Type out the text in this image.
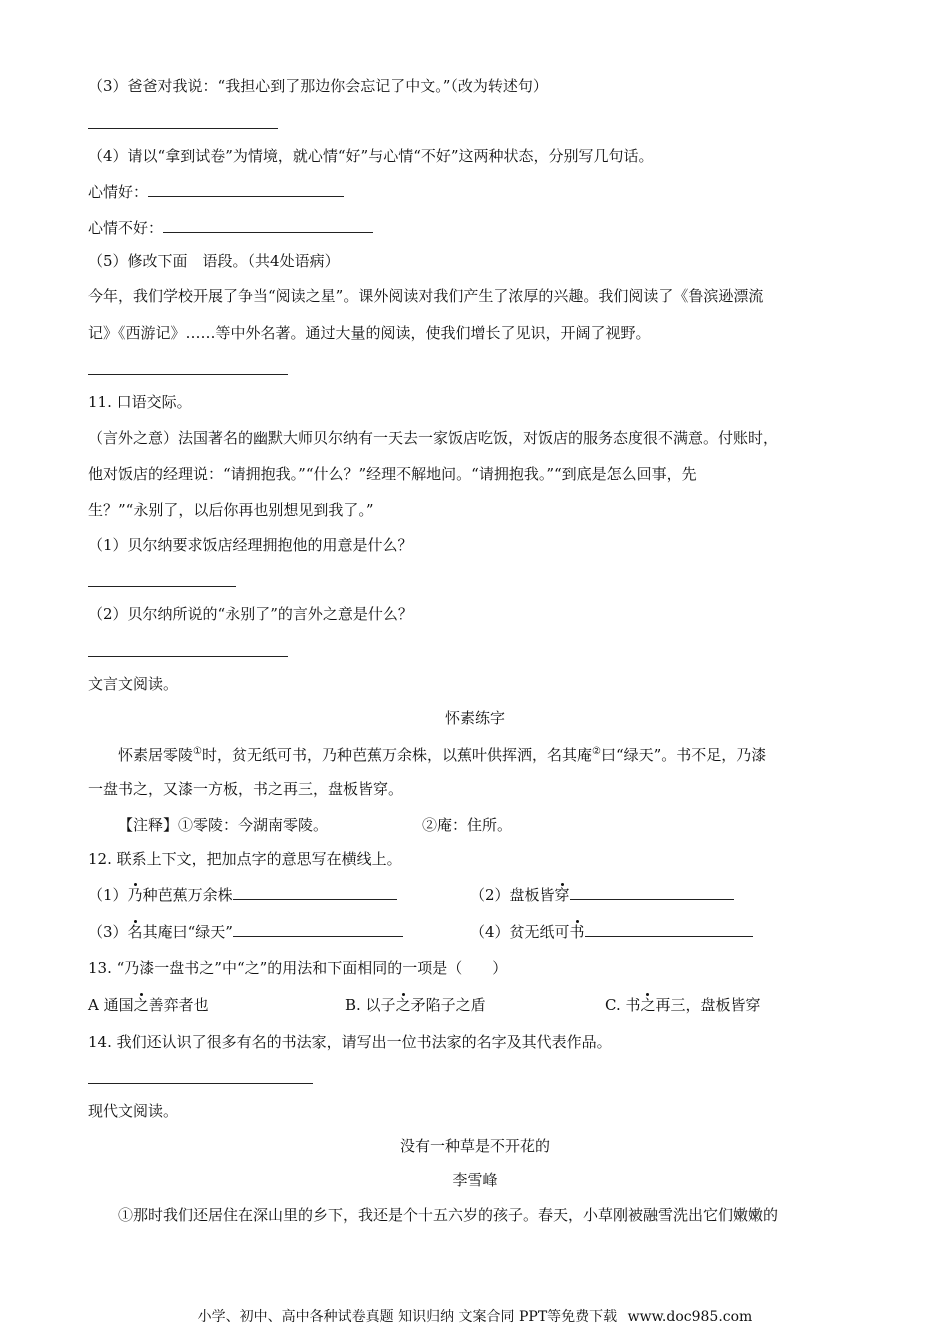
（3）爸爸对我说：“我担心到了那边你会忘记了中文。”（改为转述句）
（4）请以“拿到试卷”为情境，就心情“好”与心情“不好”这两种状态，分别写几句话。
心情好：
心情不好：
（5）修改下面　语段。（共4处语病）
今年，我们学校开展了争当“阅读之星”。课外阅读对我们产生了浓厚的兴趣。我们阅读了《鲁滨逊漂流
记》《西游记》……等中外名著。通过大量的阅读，使我们增长了见识，开阔了视野。
11. 口语交际。
（言外之意）法国著名的幽默大师贝尔纳有一天去一家饭店吃饭，对饭店的服务态度很不满意。付账时，
他对饭店的经理说：“请拥抱我。”“什么？”经理不解地问。“请拥抱我。”“到底是怎么回事，先
生？”“永别了，以后你再也别想见到我了。”
（1）贝尔纳要求饭店经理拥抱他的用意是什么？
（2）贝尔纳所说的“永别了”的言外之意是什么？
文言文阅读。
怀素练字
怀素居零陵①时，贫无纸可书，乃种芭蕉万余株，以蕉叶供挥洒，名其庵②曰“绿天”。书不足，乃漆
一盘书之，又漆一方板，书之再三，盘板皆穿。
【注释】①零陵：今湖南零陵。	②庵：住所。
12. 联系上下文，把加点字的意思写在横线上。
（1）乃种芭蕉万余株	（2）盘板皆穿
（3）名其庵曰“绿天”	（4）贫无纸可书
13. “乃漆一盘书之”中“之”的用法和下面相同的一项是（　　）
A 通国之善弈者也	B. 以子之矛陷子之盾	C. 书之再三，盘板皆穿
14. 我们还认识了很多有名的书法家，请写出一位书法家的名字及其代表作品。
现代文阅读。
没有一种草是不开花的
李雪峰
①那时我们还居住在深山里的乡下，我还是个十五六岁的孩子。春天，小草刚被融雪洗出它们嫩嫩的
小学、初中、高中各种试卷真题 知识归纳 文案合同 PPT等免费下载 www.doc985.com
